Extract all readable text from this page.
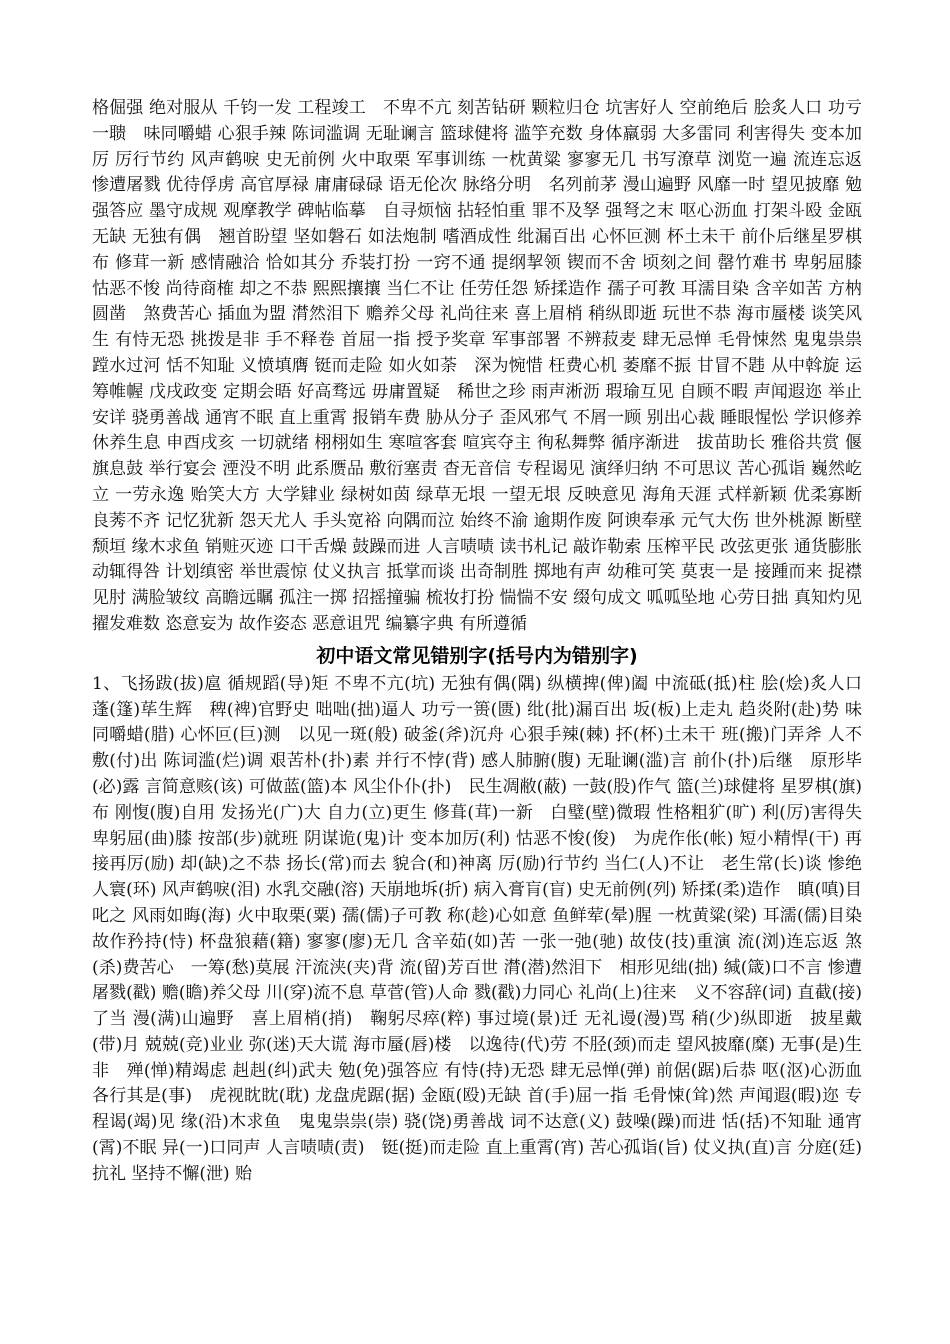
格倔强 绝对服从 千钧一发 工程竣工　不卑不亢 刻苦钻研 颗粒归仓 坑害好人 空前绝后 脍炙人口 功亏一聩　味同嚼蜡 心狠手辣 陈词滥调 无耻谰言 篮球健将 滥竽充数 身体羸弱 大多雷同 利害得失 变本加厉 厉行节约 风声鹤唳 史无前例 火中取栗 军事训练 一枕黄粱 寥寥无几 书写潦草 浏览一遍 流连忘返 惨遭屠戮 优待俘虏 高官厚禄 庸庸碌碌 语无伦次 脉络分明　名列前茅 漫山遍野 风靡一时 望见披靡 勉强答应 墨守成规 观摩教学 碑帖临摹　自寻烦恼 拈轻怕重 罪不及孥 强弩之末 呕心沥血 打架斗殴 金瓯无缺 无独有偶　翘首盼望 坚如磐石 如法炮制 嗜酒成性 纰漏百出 心怀叵测 杯土未干 前仆后继星罗棋布 修茸一新 感情融洽 恰如其分 乔装打扮 一窍不通 提纲挈领 锲而不舍 顷刻之间 罄竹难书 卑躬屈膝 怙恶不悛 尚待商榷 却之不恭 熙熙攘攘 当仁不让 任劳任怨 矫揉造作 孺子可教 耳濡目染 含辛如苦 方枘圆凿　煞费苦心 插血为盟 潸然泪下 赡养父母 礼尚往来 喜上眉梢 稍纵即逝 玩世不恭 海市蜃楼 谈笑风生 有恃无恐 挑拨是非 手不释卷 首屈一指 授予奖章 军事部署 不辨菽麦 肆无忌惮 毛骨悚然 鬼鬼祟祟　蹚水过河 恬不知耻 义愤填膺 铤而走险 如火如荼　深为惋惜 枉费心机 萎靡不振 甘冒不韪 从中斡旋 运筹帷幄 戊戌政变 定期会晤 好高骛远 毋庸置疑　稀世之珍 雨声淅沥 瑕瑜互见 自顾不暇 声闻遐迩 举止安详 骁勇善战 通宵不眠 直上重霄 报销车费 胁从分子 歪风邪气 不屑一顾 别出心裁 睡眼惺忪 学识修养 休养生息 申酉戌亥 一切就绪 栩栩如生 寒喧客套 喧宾夺主 徇私舞弊 循序渐进　拔苗助长 雅俗共赏 偃旗息鼓 举行宴会 湮没不明 此系赝品 敷衍塞责 杳无音信 专程谒见 演绎归纳 不可思议 苦心孤诣 巍然屹立 一劳永逸 贻笑大方 大学肄业 绿树如茵 绿草无垠 一望无垠 反映意见 海角天涯 式样新颖 优柔寡断 良莠不齐 记忆犹新 怨天尤人 手头宽裕 向隅而泣 始终不渝 逾期作废 阿谀奉承 元气大伤 世外桃源 断壁颓垣 缘木求鱼 销赃灭迹 口干舌燥 鼓躁而进 人言啧啧 读书札记 敲诈勒索 压榨平民 改弦更张 通货膨胀 动辄得咎 计划缜密 举世震惊 仗义执言 抵掌而谈 出奇制胜 掷地有声 幼稚可笑 莫衷一是 接踵而来 捉襟见肘 满脸皱纹 高瞻远瞩 孤注一掷 招摇撞骗 梳妆打扮 惴惴不安 缀句成文 呱呱坠地 心劳日拙 真知灼见 擢发难数 恣意妄为 故作姿态 恶意诅咒 编纂字典 有所遵循

初中语文常见错别字(括号内为错别字)

1、飞扬跋(拔)扈 循规蹈(导)矩 不卑不亢(坑) 无独有偶(隅) 纵横捭(俾)阖 中流砥(抵)柱 脍(烩)炙人口 蓬(篷)荜生辉　稗(裨)官野史 咄咄(拙)逼人 功亏一篑(匮) 纰(批)漏百出 坂(板)上走丸 趋炎附(赴)势 味同嚼蜡(腊) 心怀叵(巨)测　以见一斑(般) 破釜(斧)沉舟 心狠手辣(棘) 抔(杯)土未干 班(搬)门弄斧 人不敷(付)出 陈词滥(烂)调 艰苦朴(扑)素 并行不悖(背) 感人肺腑(腹) 无耻谰(滥)言 前仆(扑)后继　原形毕(必)露 言简意赅(该) 可做蓝(篮)本 风尘仆仆(扑)　民生凋敝(蔽) 一鼓(股)作气 篮(兰)球健将 星罗棋(旗)布 刚愎(腹)自用 发扬光(广)大 自力(立)更生 修葺(茸)一新　白璧(壁)微瑕 性格粗犷(旷) 利(厉)害得失 卑躬屈(曲)膝 按部(步)就班 阴谋诡(鬼)计 变本加厉(利) 怙恶不悛(俊)　为虎作伥(帐) 短小精悍(干) 再接再厉(励) 却(缺)之不恭 扬长(常)而去 貌合(和)神离 厉(励)行节约 当仁(人)不让　老生常(长)谈 惨绝人寰(环) 风声鹤唳(泪) 水乳交融(溶) 天崩地坼(折) 病入膏肓(盲) 史无前例(列) 矫揉(柔)造作　瞋(嗔)目叱之 风雨如晦(海) 火中取栗(粟) 孺(儒)子可教 称(趁)心如意 鱼鲜荤(晕)腥 一枕黄粱(梁) 耳濡(儒)目染　故作矜持(恃) 杯盘狼藉(籍) 寥寥(廖)无几 含辛茹(如)苦 一张一弛(驰) 故伎(技)重演 流(浏)连忘返 煞(杀)费苦心　一筹(愁)莫展 汗流浃(夹)背 流(留)芳百世 潸(潜)然泪下　相形见绌(拙) 缄(箴)口不言 惨遭屠戮(戳) 赡(瞻)养父母 川(穿)流不息 草菅(管)人命 戮(戳)力同心 礼尚(上)往来　义不容辞(词) 直截(接)了当 漫(满)山遍野　喜上眉梢(捎)　鞠躬尽瘁(粹) 事过境(景)迁 无礼谩(漫)骂 稍(少)纵即逝　披星戴(带)月 兢兢(竞)业业 弥(迷)天大谎 海市蜃(唇)楼　以逸待(代)劳 不胫(颈)而走 望风披靡(糜) 无事(是)生非　殚(惮)精竭虑 赳赳(纠)武夫 勉(免)强答应 有恃(持)无恐 肆无忌惮(弹) 前倨(踞)后恭 呕(沤)心沥血 各行其是(事)　虎视眈眈(耽) 龙盘虎踞(据) 金瓯(殴)无缺 首(手)屈一指 毛骨悚(耸)然 声闻遐(暇)迩 专程谒(竭)见 缘(沿)木求鱼　鬼鬼祟祟(崇) 骁(饶)勇善战 词不达意(义) 鼓噪(躁)而进 恬(括)不知耻 通宵(霄)不眠 异(一)口同声 人言啧啧(责)　铤(挺)而走险 直上重霄(宵) 苦心孤诣(旨) 仗义执(直)言 分庭(廷)抗礼 坚持不懈(泄) 贻
